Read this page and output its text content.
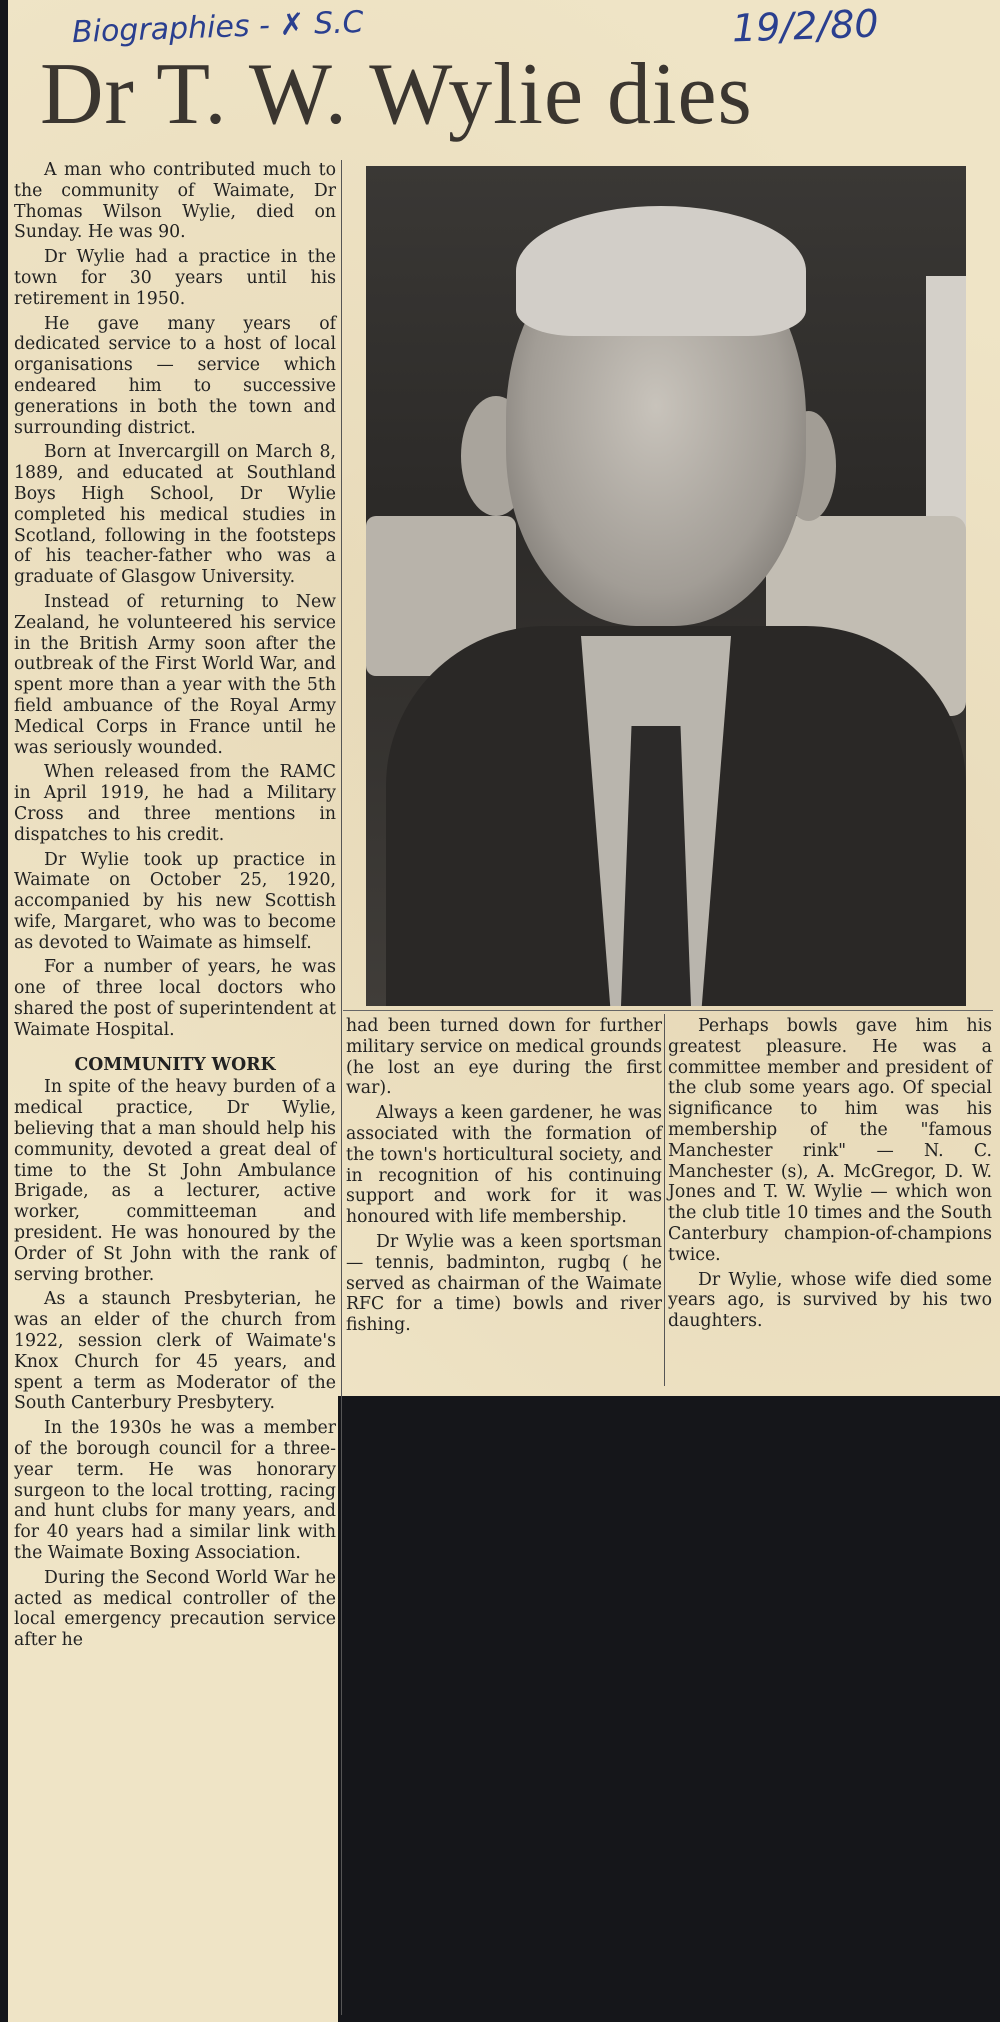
Biographies - ✗ S.C	19/2/80
Dr T. W. Wylie dies

A man who contributed much to the community of Waimate, Dr Thomas Wilson Wylie, died on Sunday. He was 90.

Dr Wylie had a practice in the town for 30 years until his retirement in 1950.

He gave many years of dedicated service to a host of local organisations — service which endeared him to successive generations in both the town and surrounding district.

Born at Invercargill on March 8, 1889, and educated at Southland Boys High School, Dr Wylie completed his medical studies in Scotland, following in the footsteps of his teacher-father who was a graduate of Glasgow University.

Instead of returning to New Zealand, he volunteered his service in the British Army soon after the outbreak of the First World War, and spent more than a year with the 5th field ambuance of the Royal Army Medical Corps in France until he was seriously wounded.

When released from the RAMC in April 1919, he had a Military Cross and three mentions in dispatches to his credit.

Dr Wylie took up practice in Waimate on October 25, 1920, accompanied by his new Scottish wife, Margaret, who was to become as devoted to Waimate as himself.

For a number of years, he was one of three local doctors who shared the post of superintendent at Waimate Hospital.

COMMUNITY WORK

In spite of the heavy burden of a medical practice, Dr Wylie, believing that a man should help his community, devoted a great deal of time to the St John Ambulance Brigade, as a lecturer, active worker, committeeman and president. He was honoured by the Order of St John with the rank of serving brother.

As a staunch Presbyterian, he was an elder of the church from 1922, session clerk of Waimate's Knox Church for 45 years, and spent a term as Moderator of the South Canterbury Presbytery.

In the 1930s he was a member of the borough council for a three-year term. He was honorary surgeon to the local trotting, racing and hunt clubs for many years, and for 40 years had a similar link with the Waimate Boxing Association.

During the Second World War he acted as medical controller of the local emergency precaution service after he

had been turned down for further military service on medical grounds (he lost an eye during the first war).

Always a keen gardener, he was associated with the formation of the town's horticultural society, and in recognition of his continuing support and work for it was honoured with life membership.

Dr Wylie was a keen sportsman — tennis, badminton, rugbq ( he served as chairman of the Waimate RFC for a time) bowls and river fishing.

Perhaps bowls gave him his greatest pleasure. He was a committee member and president of the club some years ago. Of special significance to him was his membership of the "famous Manchester rink" — N. C. Manchester (s), A. McGregor, D. W. Jones and T. W. Wylie — which won the club title 10 times and the South Canterbury champion-of-champions twice.

Dr Wylie, whose wife died some years ago, is survived by his two daughters.
